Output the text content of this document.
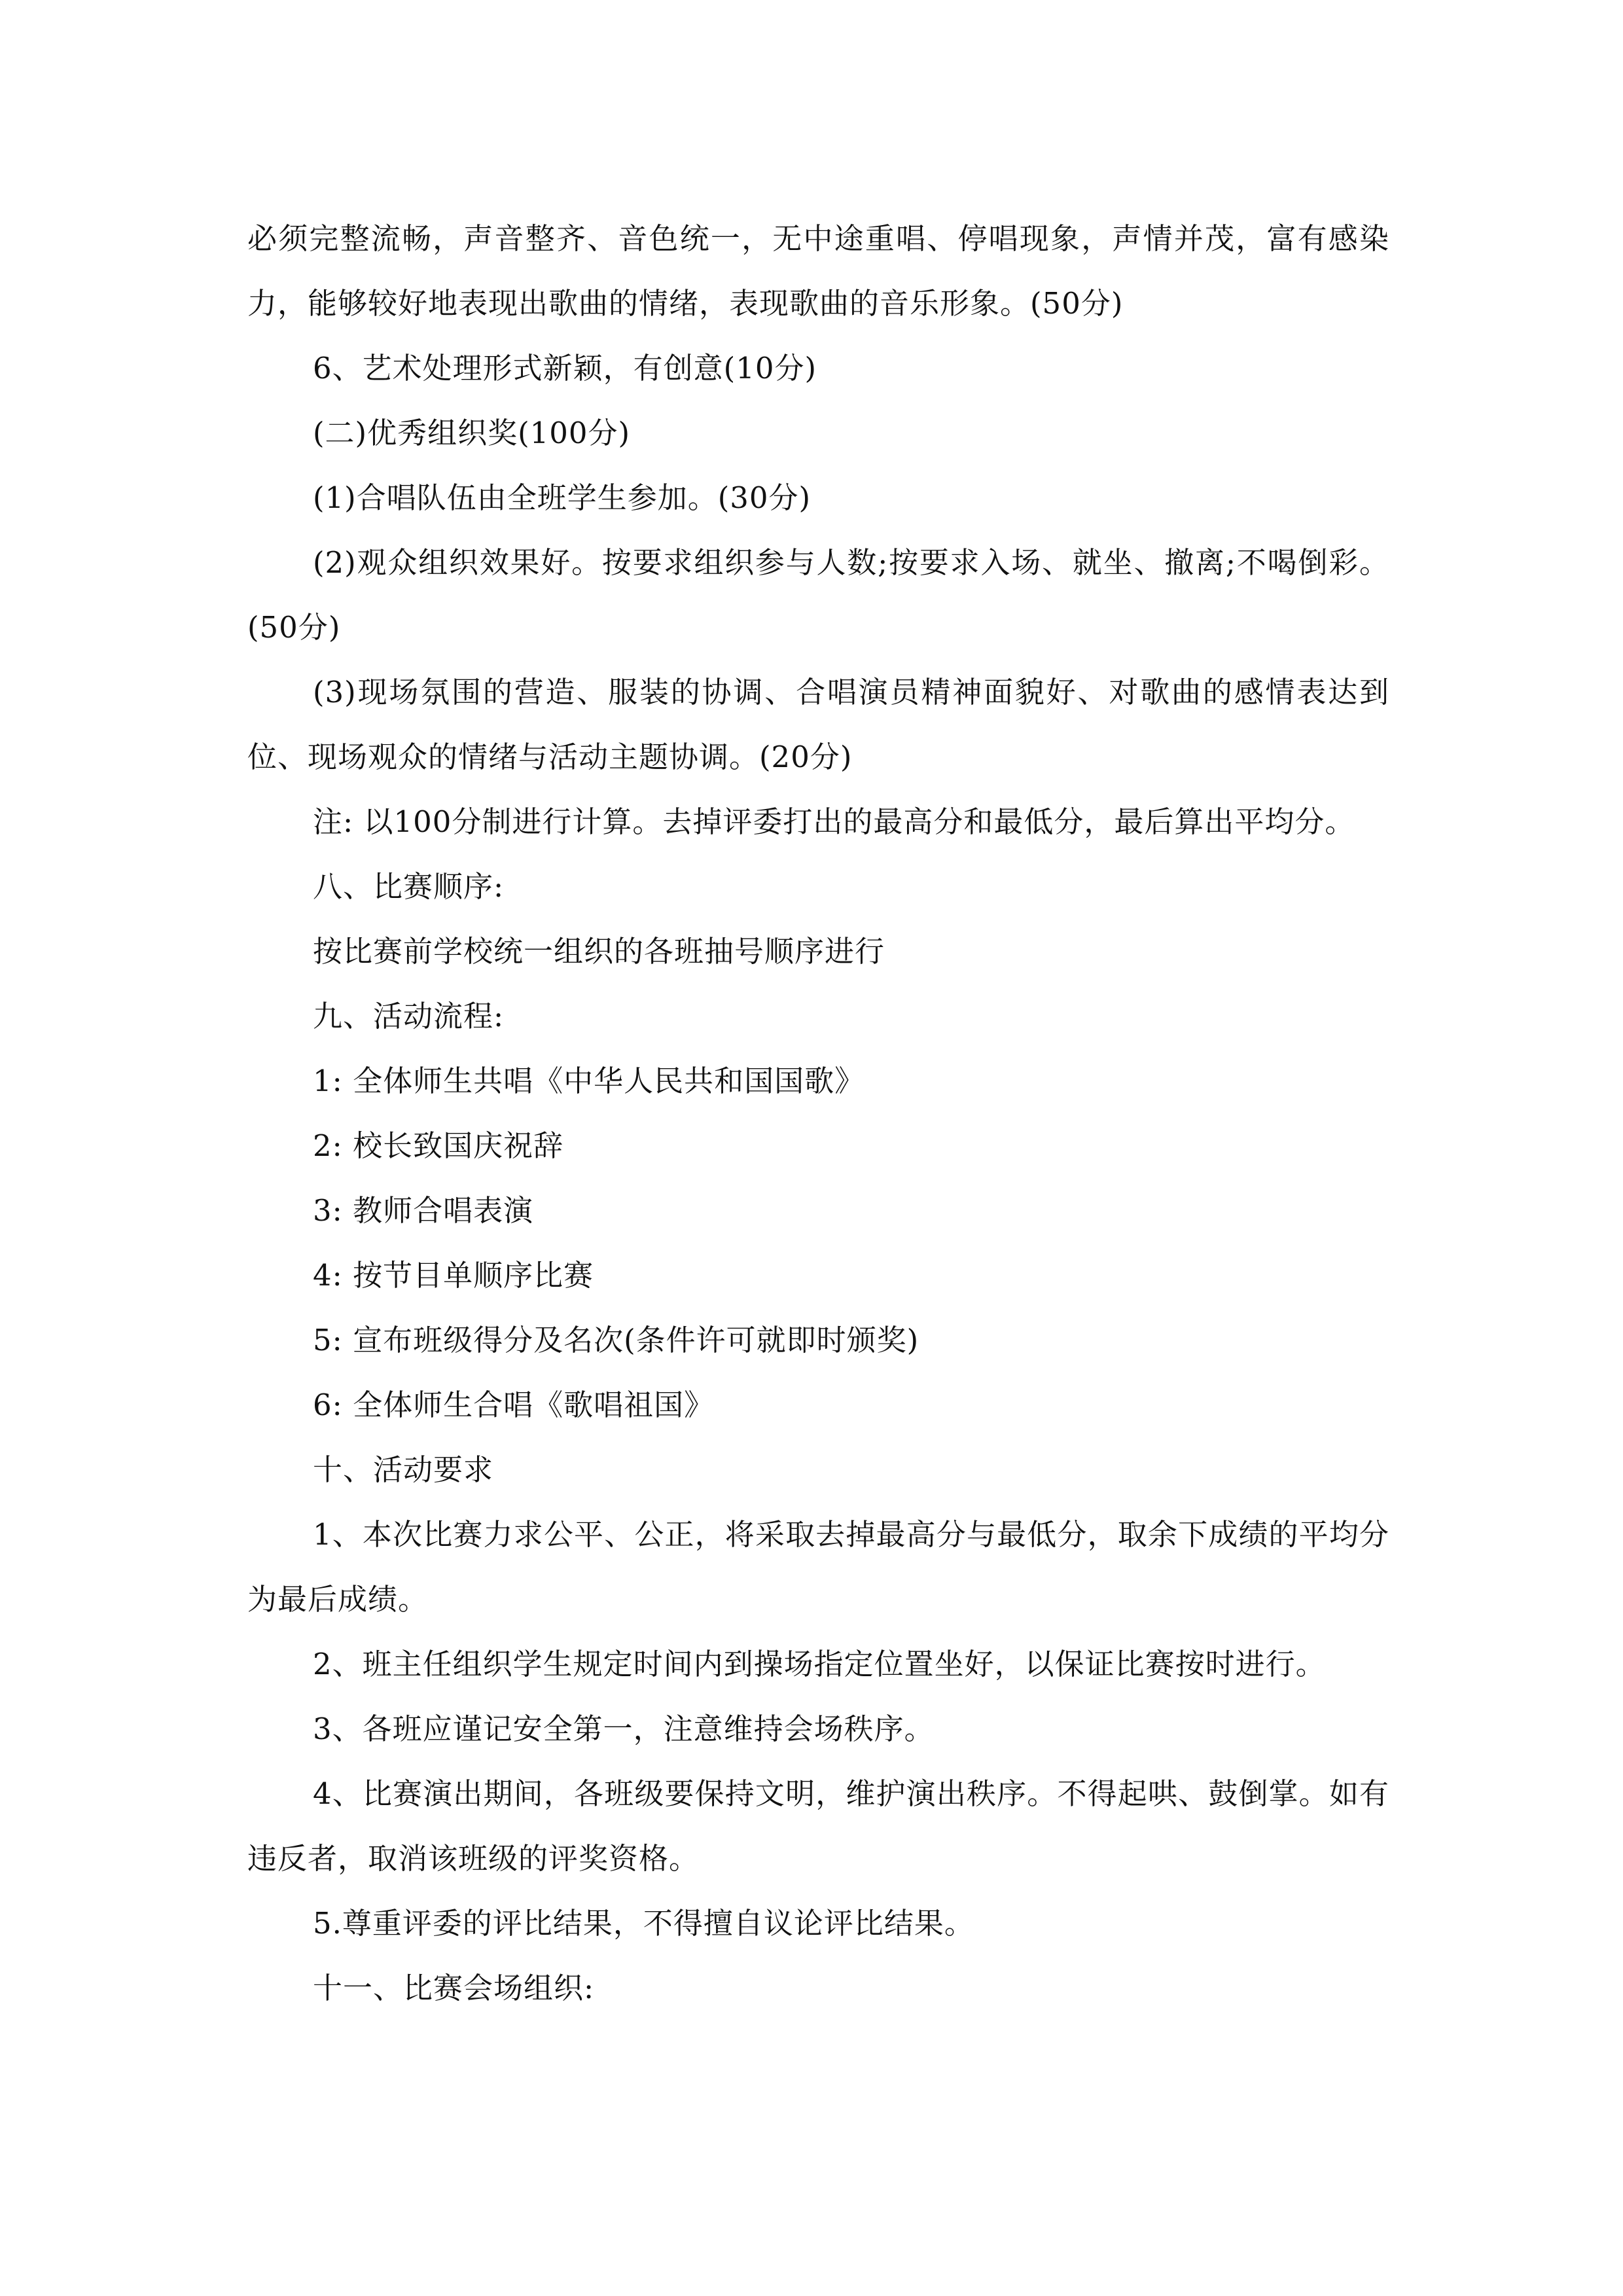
必须完整流畅，声音整齐、音色统一，无中途重唱、停唱现象，声情并茂，富有感染力，能够较好地表现出歌曲的情绪，表现歌曲的音乐形象。(50分)

6、艺术处理形式新颖，有创意(10分)

(二)优秀组织奖(100分)

(1)合唱队伍由全班学生参加。(30分)

(2)观众组织效果好。按要求组织参与人数;按要求入场、就坐、撤离;不喝倒彩。(50分)

(3)现场氛围的营造、服装的协调、合唱演员精神面貌好、对歌曲的感情表达到位、现场观众的情绪与活动主题协调。(20分)

注: 以100分制进行计算。去掉评委打出的最高分和最低分，最后算出平均分。

八、比赛顺序:

按比赛前学校统一组织的各班抽号顺序进行

九、活动流程:

1: 全体师生共唱《中华人民共和国国歌》

2: 校长致国庆祝辞

3: 教师合唱表演

4: 按节目单顺序比赛

5: 宣布班级得分及名次(条件许可就即时颁奖)

6: 全体师生合唱《歌唱祖国》

十、活动要求

1、本次比赛力求公平、公正，将采取去掉最高分与最低分，取余下成绩的平均分为最后成绩。

2、班主任组织学生规定时间内到操场指定位置坐好，以保证比赛按时进行。

3、各班应谨记安全第一，注意维持会场秩序。

4、比赛演出期间，各班级要保持文明，维护演出秩序。不得起哄、鼓倒掌。如有违反者，取消该班级的评奖资格。

5.尊重评委的评比结果，不得擅自议论评比结果。

十一、比赛会场组织:
